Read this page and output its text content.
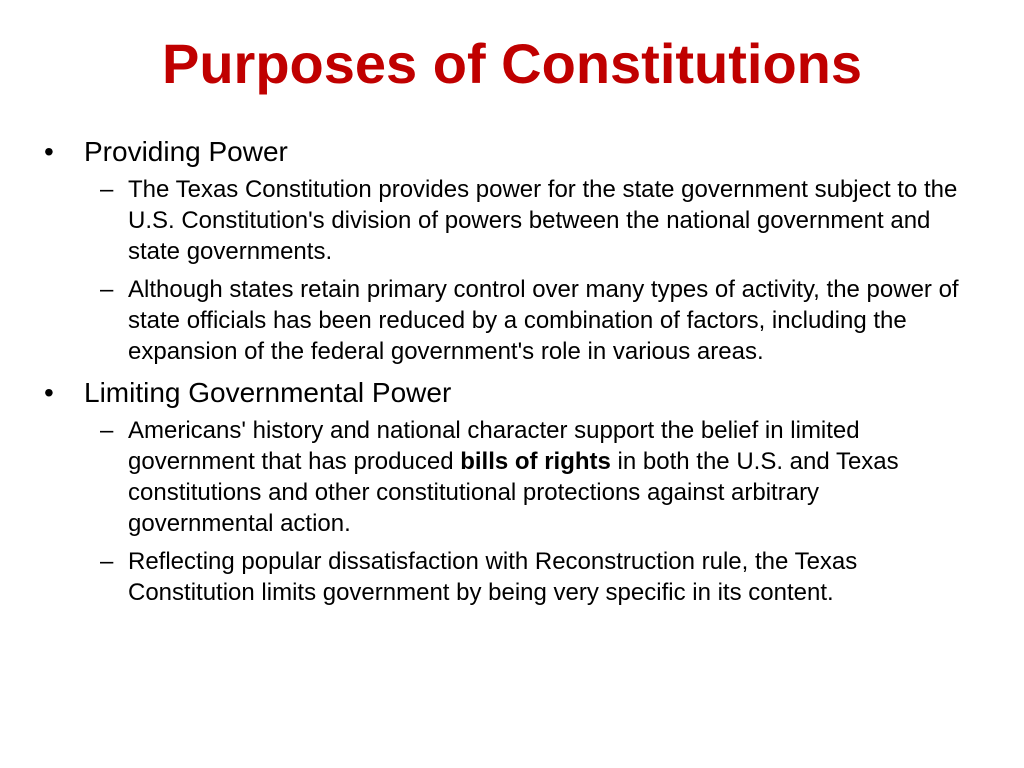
Purposes of Constitutions
•	Providing Power
– The Texas Constitution provides power for the state government subject to the U.S. Constitution's division of powers between the national government and state governments.
– Although states retain primary control over many types of activity, the power of state officials has been reduced by a combination of factors, including the expansion of the federal government's role in various areas.
•	Limiting Governmental Power
– Americans' history and national character support the belief in limited government that has produced bills of rights in both the U.S. and Texas constitutions and other constitutional protections against arbitrary governmental action.
– Reflecting popular dissatisfaction with Reconstruction rule, the Texas Constitution limits government by being very specific in its content.
